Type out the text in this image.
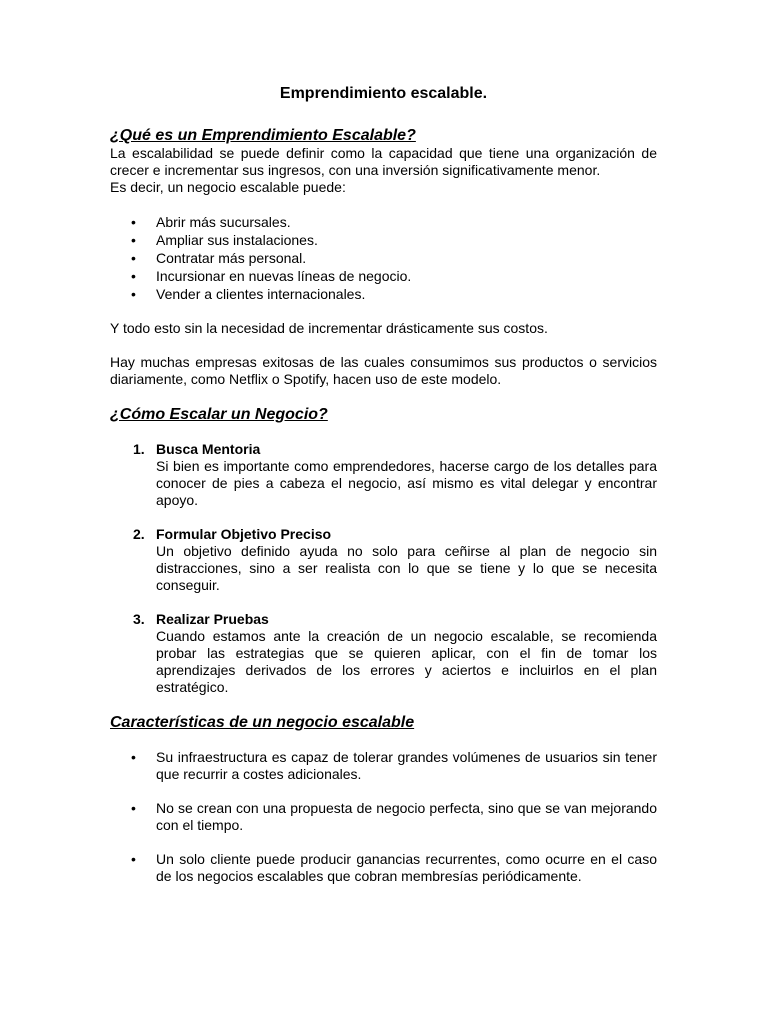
Emprendimiento escalable.
¿Qué es un Emprendimiento Escalable?

La escalabilidad se puede definir como la capacidad que tiene una organización de crecer e incrementar sus ingresos, con una inversión significativamente menor.

Es decir, un negocio escalable puede:

• Abrir más sucursales.
• Ampliar sus instalaciones.
• Contratar más personal.
• Incursionar en nuevas líneas de negocio.
• Vender a clientes internacionales.

Y todo esto sin la necesidad de incrementar drásticamente sus costos.

Hay muchas empresas exitosas de las cuales consumimos sus productos o servicios diariamente, como Netflix o Spotify, hacen uso de este modelo.

¿Cómo Escalar un Negocio?
1. Busca Mentoria
Si bien es importante como emprendedores, hacerse cargo de los detalles para conocer de pies a cabeza el negocio, así mismo es vital delegar y encontrar apoyo.
2. Formular Objetivo Preciso
Un objetivo definido ayuda no solo para ceñirse al plan de negocio sin distracciones, sino a ser realista con lo que se tiene y lo que se necesita conseguir.
3. Realizar Pruebas
Cuando estamos ante la creación de un negocio escalable, se recomienda probar las estrategias que se quieren aplicar, con el fin de tomar los aprendizajes derivados de los errores y aciertos e incluirlos en el plan estratégico.
Características de un negocio escalable
• Su infraestructura es capaz de tolerar grandes volúmenes de usuarios sin tener que recurrir a costes adicionales.
• No se crean con una propuesta de negocio perfecta, sino que se van mejorando con el tiempo.
• Un solo cliente puede producir ganancias recurrentes, como ocurre en el caso de los negocios escalables que cobran membresías periódicamente.
